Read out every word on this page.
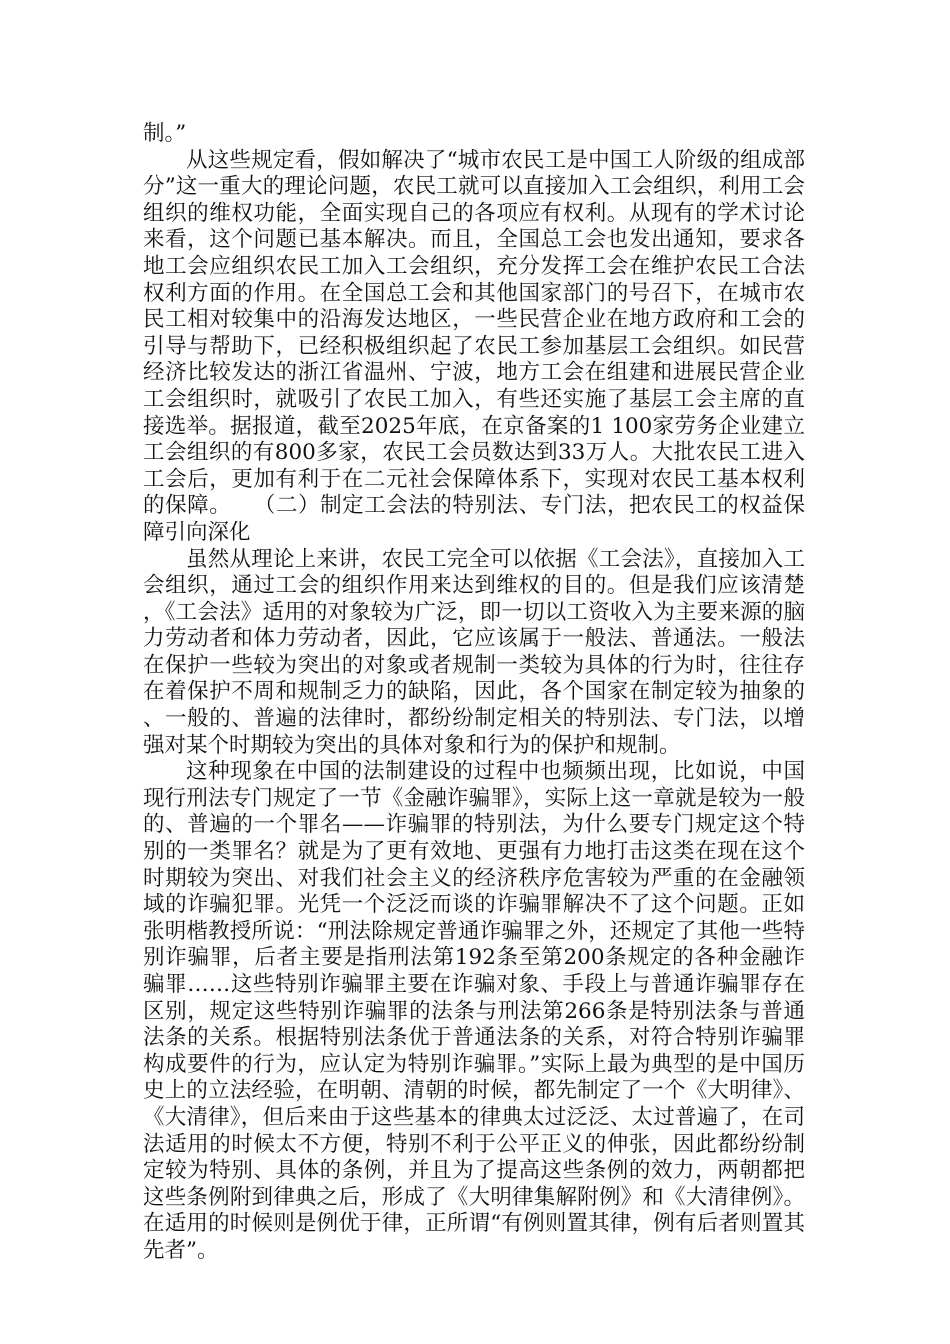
制。”

从这些规定看，假如解决了“城市农民工是中国工人阶级的组成部分”这一重大的理论问题，农民工就可以直接加入工会组织，利用工会组织的维权功能，全面实现自己的各项应有权利。从现有的学术讨论来看，这个问题已基本解决。而且，全国总工会也发出通知，要求各地工会应组织农民工加入工会组织，充分发挥工会在维护农民工合法权利方面的作用。在全国总工会和其他国家部门的号召下，在城市农民工相对较集中的沿海发达地区，一些民营企业在地方政府和工会的引导与帮助下，已经积极组织起了农民工参加基层工会组织。如民营经济比较发达的浙江省温州、宁波，地方工会在组建和进展民营企业工会组织时，就吸引了农民工加入，有些还实施了基层工会主席的直接选举。据报道，截至2025年底，在京备案的1 100家劳务企业建立工会组织的有800多家，农民工会员数达到33万人。大批农民工进入工会后，更加有利于在二元社会保障体系下，实现对农民工基本权利的保障。　　（二）制定工会法的特别法、专门法，把农民工的权益保障引向深化

虽然从理论上来讲，农民工完全可以依据《工会法》，直接加入工会组织，通过工会的组织作用来达到维权的目的。但是我们应该清楚，《工会法》适用的对象较为广泛，即一切以工资收入为主要来源的脑力劳动者和体力劳动者，因此，它应该属于一般法、普通法。一般法在保护一些较为突出的对象或者规制一类较为具体的行为时，往往存在着保护不周和规制乏力的缺陷，因此，各个国家在制定较为抽象的、一般的、普遍的法律时，都纷纷制定相关的特别法、专门法，以增强对某个时期较为突出的具体对象和行为的保护和规制。

这种现象在中国的法制建设的过程中也频频出现，比如说，中国现行刑法专门规定了一节《金融诈骗罪》，实际上这一章就是较为一般的、普遍的一个罪名——诈骗罪的特别法，为什么要专门规定这个特别的一类罪名？就是为了更有效地、更强有力地打击这类在现在这个时期较为突出、对我们社会主义的经济秩序危害较为严重的在金融领域的诈骗犯罪。光凭一个泛泛而谈的诈骗罪解决不了这个问题。正如张明楷教授所说：“刑法除规定普通诈骗罪之外，还规定了其他一些特别诈骗罪，后者主要是指刑法第192条至第200条规定的各种金融诈骗罪……这些特别诈骗罪主要在诈骗对象、手段上与普通诈骗罪存在区别，规定这些特别诈骗罪的法条与刑法第266条是特别法条与普通法条的关系。根据特别法条优于普通法条的关系，对符合特别诈骗罪构成要件的行为，应认定为特别诈骗罪。”实际上最为典型的是中国历史上的立法经验，在明朝、清朝的时候，都先制定了一个《大明律》、《大清律》，但后来由于这些基本的律典太过泛泛、太过普遍了，在司法适用的时候太不方便，特别不利于公平正义的伸张，因此都纷纷制定较为特别、具体的条例，并且为了提高这些条例的效力，两朝都把这些条例附到律典之后，形成了《大明律集解附例》和《大清律例》。在适用的时候则是例优于律，正所谓“有例则置其律，例有后者则置其先者”。
